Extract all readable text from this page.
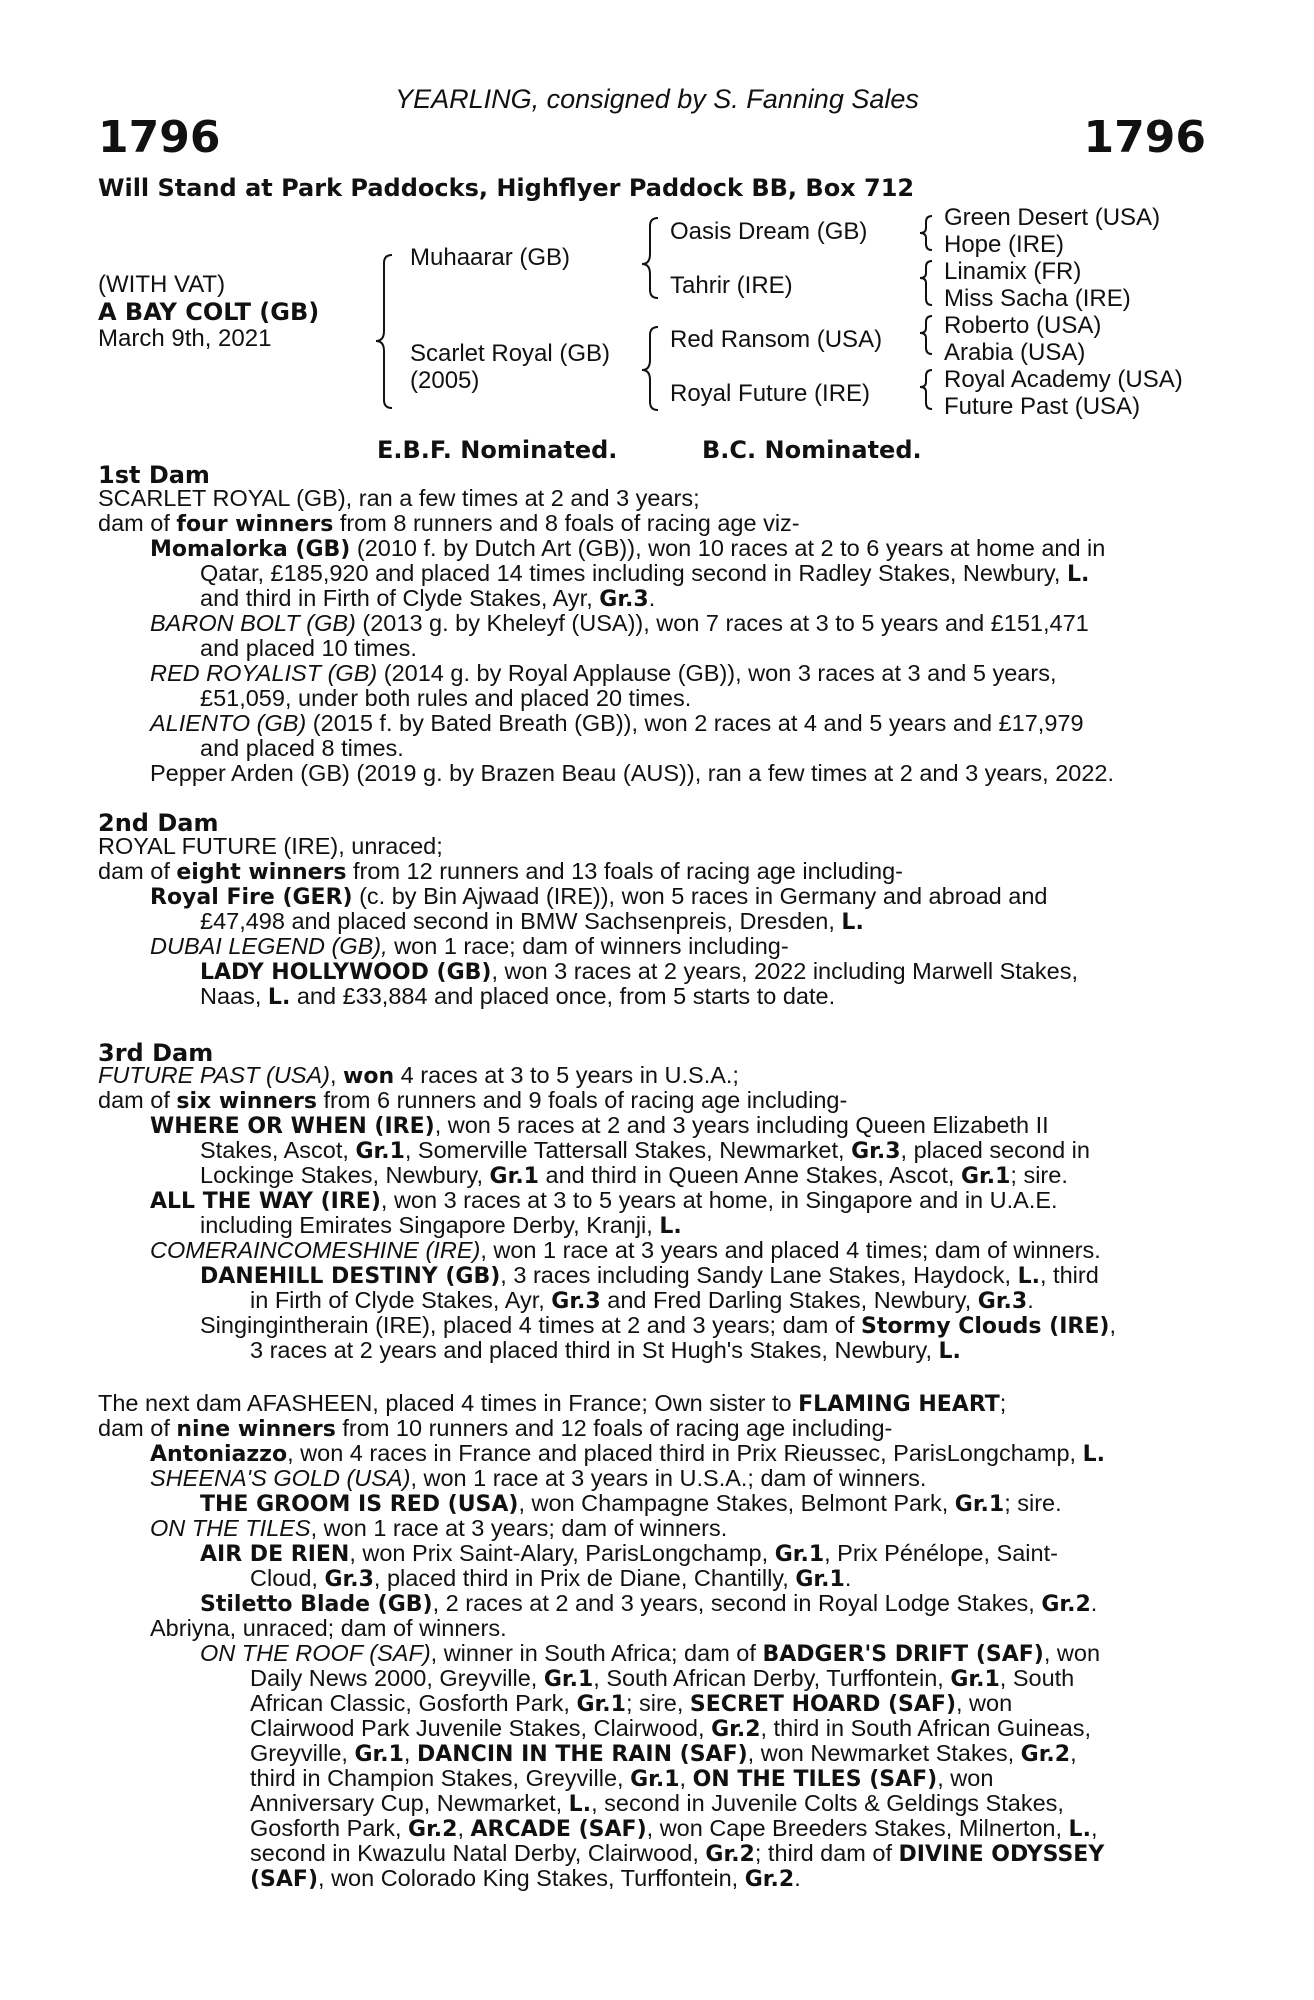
YEARLING, consigned by S. Fanning Sales
1796	1796
Will Stand at Park Paddocks, Highflyer Paddock BB, Box 712
(WITH VAT)
A BAY COLT (GB)
March 9th, 2021
Muhaarar (GB)
Scarlet Royal (GB)
(2005)
Oasis Dream (GB)
Tahrir (IRE)
Red Ransom (USA)
Royal Future (IRE)
Green Desert (USA)
Hope (IRE)
Linamix (FR)
Miss Sacha (IRE)
Roberto (USA)
Arabia (USA)
Royal Academy (USA)
Future Past (USA)
E.B.F. Nominated.	B.C. Nominated.
1st Dam
SCARLET ROYAL (GB), ran a few times at 2 and 3 years;
dam of four winners from 8 runners and 8 foals of racing age viz-
Momalorka (GB) (2010 f. by Dutch Art (GB)), won 10 races at 2 to 6 years at home and in
Qatar, £185,920 and placed 14 times including second in Radley Stakes, Newbury, L.
and third in Firth of Clyde Stakes, Ayr, Gr.3.
BARON BOLT (GB) (2013 g. by Kheleyf (USA)), won 7 races at 3 to 5 years and £151,471
and placed 10 times.
RED ROYALIST (GB) (2014 g. by Royal Applause (GB)), won 3 races at 3 and 5 years,
£51,059, under both rules and placed 20 times.
ALIENTO (GB) (2015 f. by Bated Breath (GB)), won 2 races at 4 and 5 years and £17,979
and placed 8 times.
Pepper Arden (GB) (2019 g. by Brazen Beau (AUS)), ran a few times at 2 and 3 years, 2022.
2nd Dam
ROYAL FUTURE (IRE), unraced;
dam of eight winners from 12 runners and 13 foals of racing age including-
Royal Fire (GER) (c. by Bin Ajwaad (IRE)), won 5 races in Germany and abroad and
£47,498 and placed second in BMW Sachsenpreis, Dresden, L.
DUBAI LEGEND (GB), won 1 race; dam of winners including-
LADY HOLLYWOOD (GB), won 3 races at 2 years, 2022 including Marwell Stakes,
Naas, L. and £33,884 and placed once, from 5 starts to date.
3rd Dam
FUTURE PAST (USA), won 4 races at 3 to 5 years in U.S.A.;
dam of six winners from 6 runners and 9 foals of racing age including-
WHERE OR WHEN (IRE), won 5 races at 2 and 3 years including Queen Elizabeth II
Stakes, Ascot, Gr.1, Somerville Tattersall Stakes, Newmarket, Gr.3, placed second in
Lockinge Stakes, Newbury, Gr.1 and third in Queen Anne Stakes, Ascot, Gr.1; sire.
ALL THE WAY (IRE), won 3 races at 3 to 5 years at home, in Singapore and in U.A.E.
including Emirates Singapore Derby, Kranji, L.
COMERAINCOMESHINE (IRE), won 1 race at 3 years and placed 4 times; dam of winners.
DANEHILL DESTINY (GB), 3 races including Sandy Lane Stakes, Haydock, L., third
in Firth of Clyde Stakes, Ayr, Gr.3 and Fred Darling Stakes, Newbury, Gr.3.
Singingintherain (IRE), placed 4 times at 2 and 3 years; dam of Stormy Clouds (IRE),
3 races at 2 years and placed third in St Hugh's Stakes, Newbury, L.
The next dam AFASHEEN, placed 4 times in France; Own sister to FLAMING HEART;
dam of nine winners from 10 runners and 12 foals of racing age including-
Antoniazzo, won 4 races in France and placed third in Prix Rieussec, ParisLongchamp, L.
SHEENA'S GOLD (USA), won 1 race at 3 years in U.S.A.; dam of winners.
THE GROOM IS RED (USA), won Champagne Stakes, Belmont Park, Gr.1; sire.
ON THE TILES, won 1 race at 3 years; dam of winners.
AIR DE RIEN, won Prix Saint-Alary, ParisLongchamp, Gr.1, Prix Pénélope, Saint-
Cloud, Gr.3, placed third in Prix de Diane, Chantilly, Gr.1.
Stiletto Blade (GB), 2 races at 2 and 3 years, second in Royal Lodge Stakes, Gr.2.
Abriyna, unraced; dam of winners.
ON THE ROOF (SAF), winner in South Africa; dam of BADGER'S DRIFT (SAF), won
Daily News 2000, Greyville, Gr.1, South African Derby, Turffontein, Gr.1, South
African Classic, Gosforth Park, Gr.1; sire, SECRET HOARD (SAF), won
Clairwood Park Juvenile Stakes, Clairwood, Gr.2, third in South African Guineas,
Greyville, Gr.1, DANCIN IN THE RAIN (SAF), won Newmarket Stakes, Gr.2,
third in Champion Stakes, Greyville, Gr.1, ON THE TILES (SAF), won
Anniversary Cup, Newmarket, L., second in Juvenile Colts & Geldings Stakes,
Gosforth Park, Gr.2, ARCADE (SAF), won Cape Breeders Stakes, Milnerton, L.,
second in Kwazulu Natal Derby, Clairwood, Gr.2; third dam of DIVINE ODYSSEY
(SAF), won Colorado King Stakes, Turffontein, Gr.2.
